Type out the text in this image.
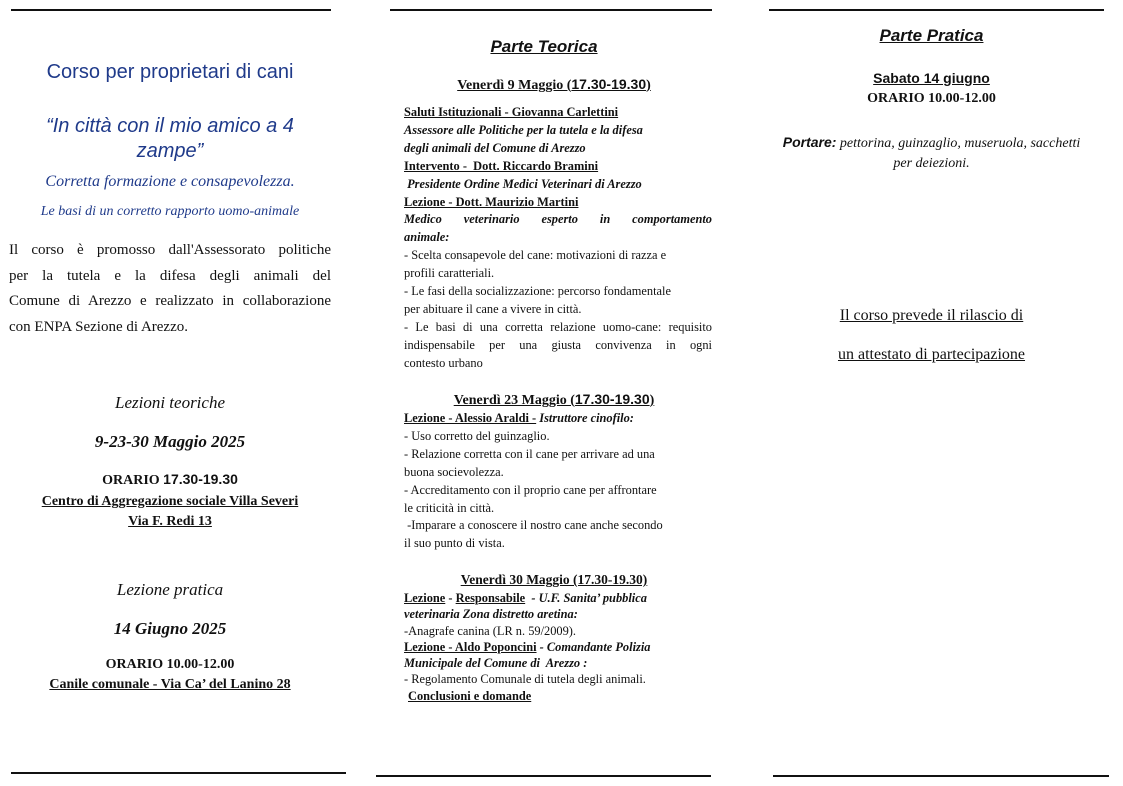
Corso per proprietari di cani
“In città con il mio amico a 4
zampe”
Corretta formazione e consapevolezza.
Le basi di un corretto rapporto uomo-animale
Il corso è promosso dall'Assessorato politiche
per la tutela e la difesa degli animali del
Comune di Arezzo e realizzato in collaborazione
con ENPA Sezione di Arezzo.
Lezioni teoriche
9-23-30 Maggio 2025
ORARIO 17.30-19.30
Centro di Aggregazione sociale Villa Severi
Via F. Redi 13
Lezione pratica
14 Giugno 2025
ORARIO 10.00-12.00
Canile comunale - Via Ca’ del Lanino 28
Parte Teorica
Venerdì 9 Maggio (17.30-19.30)
Saluti Istituzionali - Giovanna Carlettini
Assessore alle Politiche per la tutela e la difesa
degli animali del Comune di Arezzo
Intervento -  Dott. Riccardo Bramini
Presidente Ordine Medici Veterinari di Arezzo
Lezione - Dott. Maurizio Martini
Medico veterinario esperto in comportamento
animale:
- Scelta consapevole del cane: motivazioni di razza e
profili caratteriali.
- Le fasi della socializzazione: percorso fondamentale
per abituare il cane a vivere in città.
- Le basi di una corretta relazione uomo-cane: requisito
indispensabile per una giusta convivenza in ogni
contesto urbano
Venerdì 23 Maggio (17.30-19.30)
Lezione - Alessio Araldi - Istruttore cinofilo:
- Uso corretto del guinzaglio.
- Relazione corretta con il cane per arrivare ad una
buona socievolezza.
- Accreditamento con il proprio cane per affrontare
le criticità in città.
-Imparare a conoscere il nostro cane anche secondo
il suo punto di vista.
Venerdì 30 Maggio (17.30-19.30)
Lezione - Responsabile  - U.F. Sanita’ pubblica
veterinaria Zona distretto aretina:
-Anagrafe canina (LR n. 59/2009).
Lezione - Aldo Poponcini - Comandante Polizia
Municipale del Comune di  Arezzo :
- Regolamento Comunale di tutela degli animali.
Conclusioni e domande
Parte Pratica
Sabato 14 giugno
ORARIO 10.00-12.00
Portare: pettorina, guinzaglio, museruola, sacchetti
per deiezioni.
Il corso prevede il rilascio di
un attestato di partecipazione
